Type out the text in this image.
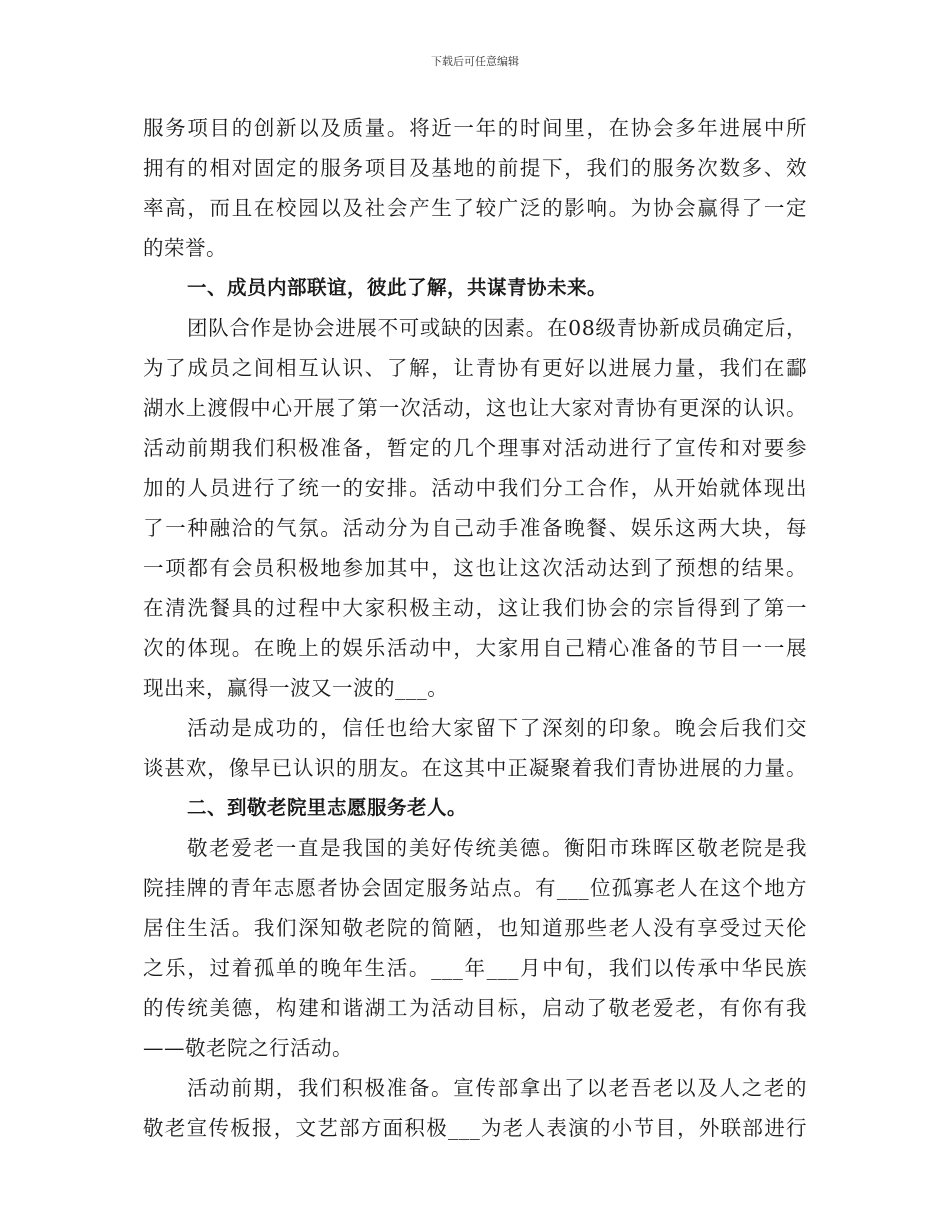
下载后可任意编辑
服务项目的创新以及质量。将近一年的时间里，在协会多年进展中所
拥有的相对固定的服务项目及基地的前提下，我们的服务次数多、效
率高，而且在校园以及社会产生了较广泛的影响。为协会赢得了一定
的荣誉。
一、成员内部联谊，彼此了解，共谋青协未来。
团队合作是协会进展不可或缺的因素。在08级青协新成员确定后，
为了成员之间相互认识、了解，让青协有更好以进展力量，我们在酃
湖水上渡假中心开展了第一次活动，这也让大家对青协有更深的认识。
活动前期我们积极准备，暂定的几个理事对活动进行了宣传和对要参
加的人员进行了统一的安排。活动中我们分工合作，从开始就体现出
了一种融洽的气氛。活动分为自己动手准备晚餐、娱乐这两大块，每
一项都有会员积极地参加其中，这也让这次活动达到了预想的结果。
在清洗餐具的过程中大家积极主动，这让我们协会的宗旨得到了第一
次的体现。在晚上的娱乐活动中，大家用自己精心准备的节目一一展
现出来，赢得一波又一波的___。
活动是成功的，信任也给大家留下了深刻的印象。晚会后我们交
谈甚欢，像早已认识的朋友。在这其中正凝聚着我们青协进展的力量。
二、到敬老院里志愿服务老人。
敬老爱老一直是我国的美好传统美德。衡阳市珠晖区敬老院是我
院挂牌的青年志愿者协会固定服务站点。有___位孤寡老人在这个地方
居住生活。我们深知敬老院的简陋，也知道那些老人没有享受过天伦
之乐，过着孤单的晚年生活。___年___月中旬，我们以传承中华民族
的传统美德，构建和谐湖工为活动目标，启动了敬老爱老，有你有我
——敬老院之行活动。
活动前期，我们积极准备。宣传部拿出了以老吾老以及人之老的
敬老宣传板报，文艺部方面积极___为老人表演的小节目，外联部进行
